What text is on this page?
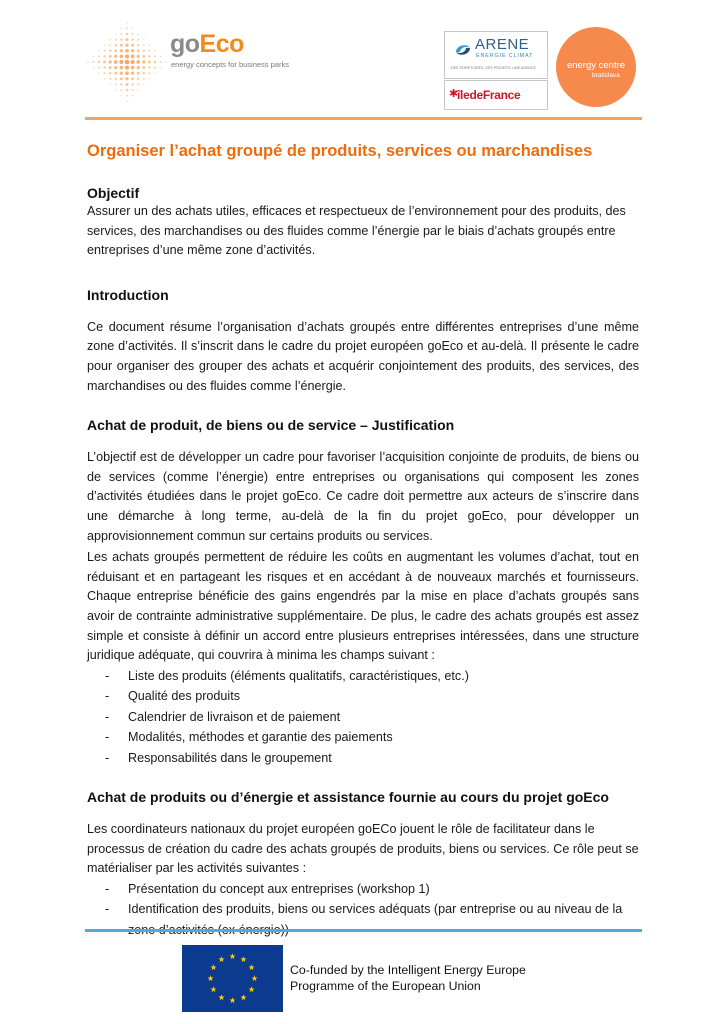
goEco
energy concepts for business parks
ARENE
ENERGIE CLIMAT
DES TERRITOIRES, DES PROJETS, UNE AGENCE
✱
îledeFrance
energy centre
bratislava
Organiser l’achat groupé de produits, services ou marchandises
Objectif

Assurer un des achats utiles, efficaces et respectueux de l’environnement pour des produits, des services, des marchandises ou des fluides comme l’énergie par le biais d’achats groupés entre entreprises d’une même zone d’activités.

Introduction

Ce document résume l’organisation d’achats groupés entre différentes entreprises d’une même zone d’activités. Il s’inscrit dans le cadre du projet européen goEco et au-delà. Il présente le cadre pour organiser des grouper des achats et acquérir conjointement des produits, des services, des marchandises ou des fluides comme l’énergie.

Achat de produit, de biens ou de service – Justification

L’objectif est de développer un cadre pour favoriser l’acquisition conjointe de produits, de biens ou de services (comme l’énergie) entre entreprises ou organisations qui composent les zones d’activités étudiées dans le projet goEco. Ce cadre doit permettre aux acteurs de s’inscrire dans une démarche à long terme, au-delà de la fin du projet goEco, pour développer un approvisionnement commun sur certains produits ou services.

Les achats groupés permettent de réduire les coûts en augmentant les volumes d’achat, tout en réduisant et en partageant les risques et en accédant à de nouveaux marchés et fournisseurs. Chaque entreprise bénéficie des gains engendrés par la mise en place d’achats groupés sans avoir de contrainte administrative supplémentaire. De plus, le cadre des achats groupés est assez simple et consiste à définir un accord entre plusieurs entreprises intéressées, dans une structure juridique adéquate, qui couvrira à minima les champs suivant :

- Liste des produits (éléments qualitatifs, caractéristiques, etc.)
- Qualité des produits
- Calendrier de livraison et de paiement
- Modalités, méthodes et garantie des paiements
- Responsabilités dans le groupement
Achat de produits ou d’énergie et assistance fournie au cours du projet goEco

Les coordinateurs nationaux du projet européen goECo jouent le rôle de facilitateur dans le processus de création du cadre des achats groupés de produits, biens ou services. Ce rôle peut se matérialiser par les activités suivantes :

- Présentation du concept aux entreprises (workshop 1)
- Identification des produits, biens ou services adéquats (par entreprise ou au niveau de la
Co-funded by the Intelligent Energy Europe
Programme of the European Union
